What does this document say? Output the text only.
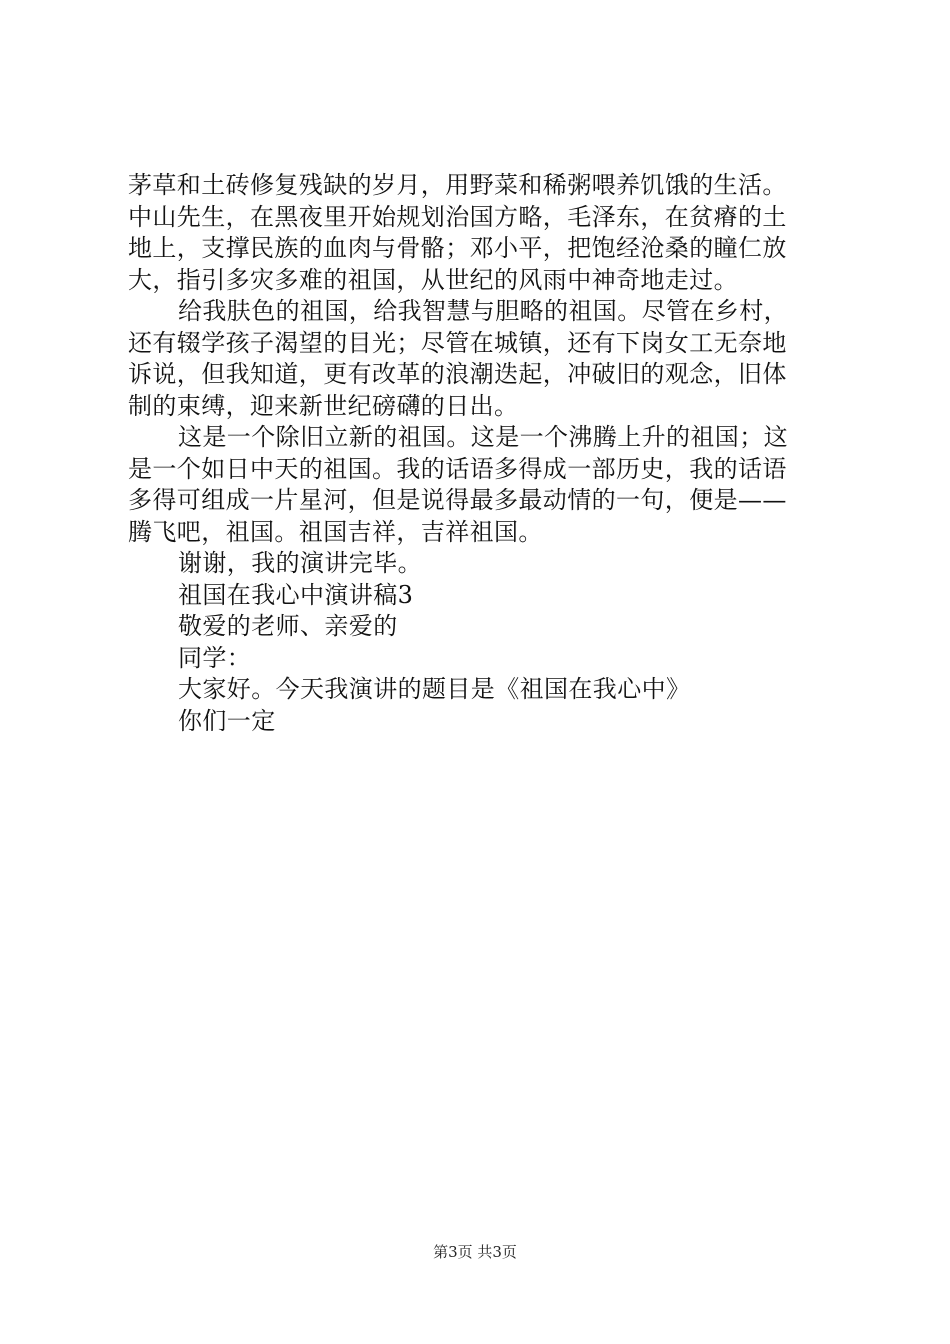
茅草和土砖修复残缺的岁月，用野菜和稀粥喂养饥饿的生活。
中山先生，在黑夜里开始规划治国方略，毛泽东，在贫瘠的土
地上，支撑民族的血肉与骨骼；邓小平，把饱经沧桑的瞳仁放
大，指引多灾多难的祖国，从世纪的风雨中神奇地走过。
给我肤色的祖国，给我智慧与胆略的祖国。尽管在乡村，
还有辍学孩子渴望的目光；尽管在城镇，还有下岗女工无奈地
诉说，但我知道，更有改革的浪潮迭起，冲破旧的观念，旧体
制的束缚，迎来新世纪磅礴的日出。
这是一个除旧立新的祖国。这是一个沸腾上升的祖国；这
是一个如日中天的祖国。我的话语多得成一部历史，我的话语
多得可组成一片星河，但是说得最多最动情的一句，便是——
腾飞吧，祖国。祖国吉祥，吉祥祖国。
谢谢，我的演讲完毕。
祖国在我心中演讲稿3
敬爱的老师、亲爱的
同学：
大家好。今天我演讲的题目是《祖国在我心中》
你们一定
第3页 共3页
